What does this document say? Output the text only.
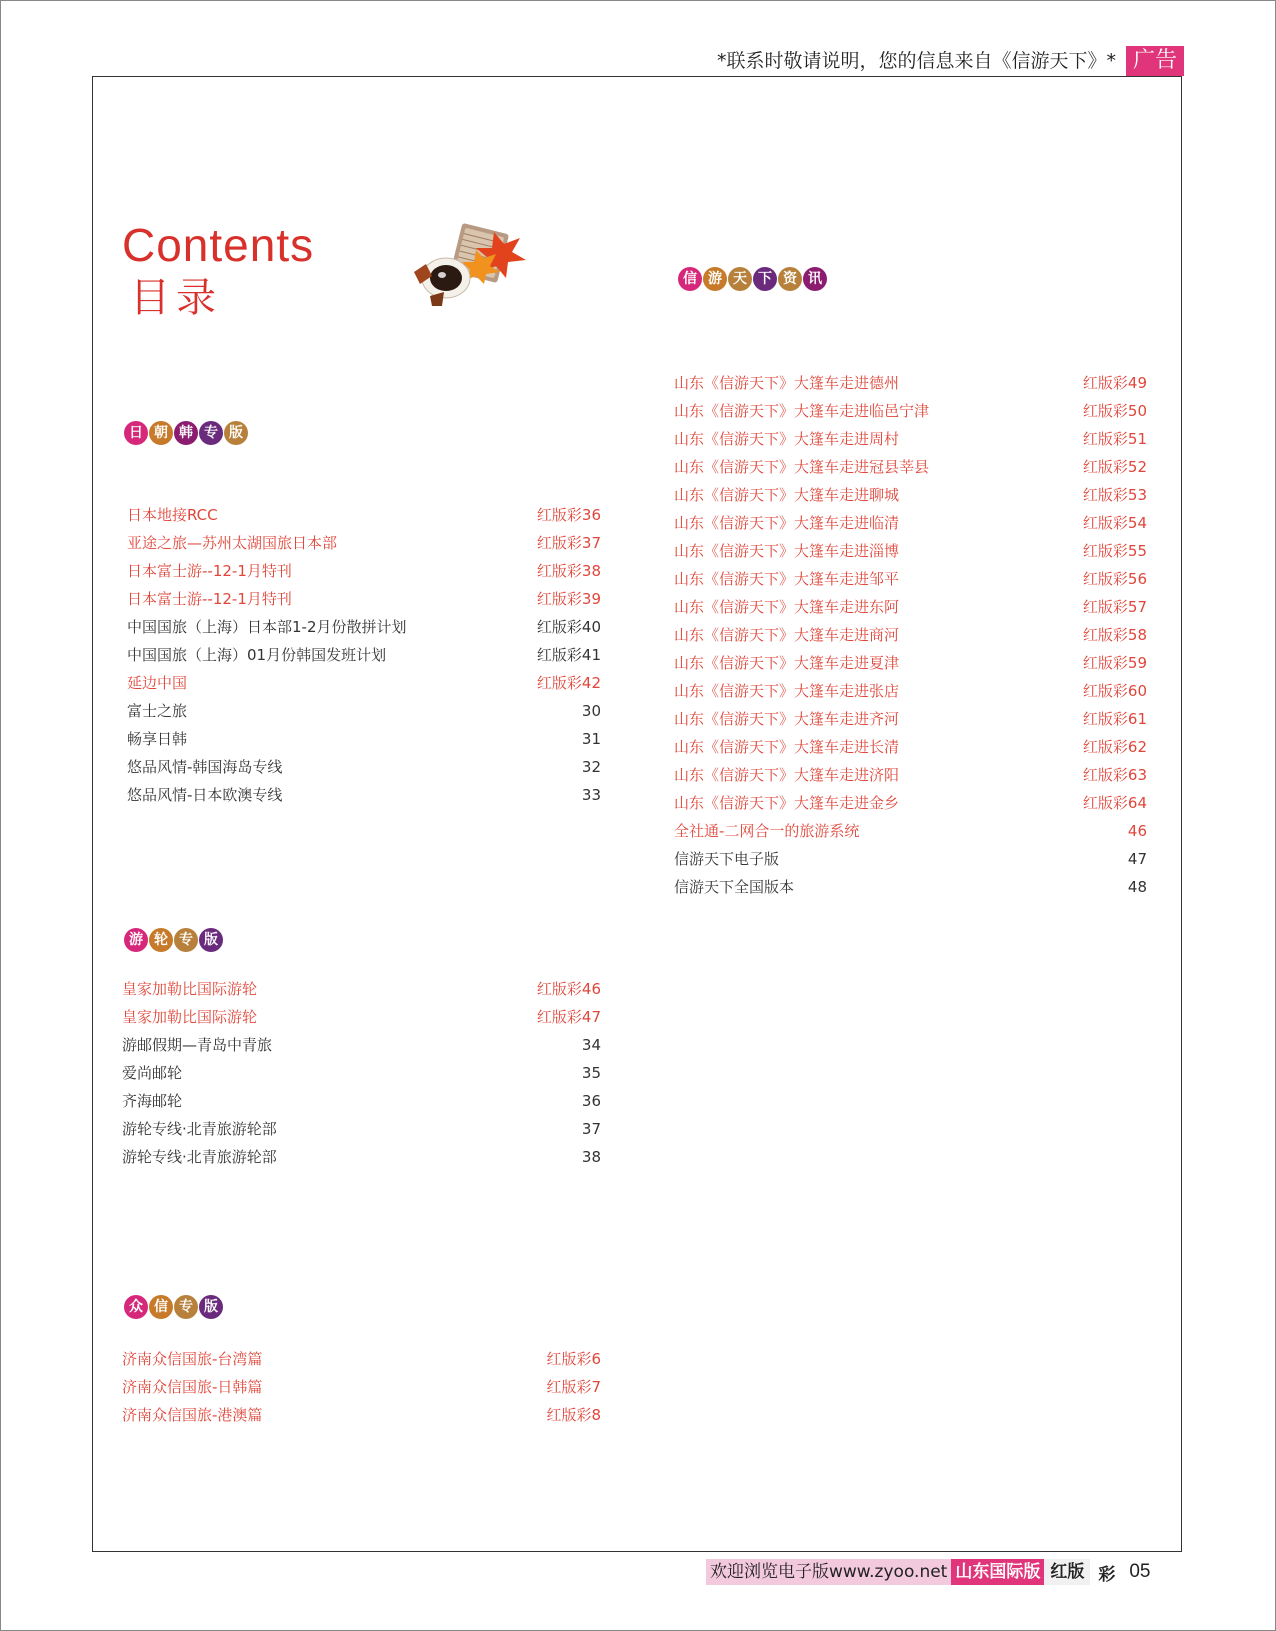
*联系时敬请说明，您的信息来自《信游天下》* 广告
Contents
目录
日 朝 韩 专 版
日本地接RCC	红版彩36
亚途之旅—苏州太湖国旅日本部	红版彩37
日本富士游--12-1月特刊	红版彩38
日本富士游--12-1月特刊	红版彩39
中国国旅（上海）日本部1-2月份散拼计划	红版彩40
中国国旅（上海）01月份韩国发班计划	红版彩41
延边中国	红版彩42
富士之旅	30
畅享日韩	31
悠品风情-韩国海岛专线	32
悠品风情-日本欧澳专线	33
游 轮 专 版
皇家加勒比国际游轮	红版彩46
皇家加勒比国际游轮	红版彩47
游邮假期—青岛中青旅	34
爱尚邮轮	35
齐海邮轮	36
游轮专线·北青旅游轮部	37
游轮专线·北青旅游轮部	38
众 信 专 版
济南众信国旅-台湾篇	红版彩6
济南众信国旅-日韩篇	红版彩7
济南众信国旅-港澳篇	红版彩8
信 游 天 下 资 讯
山东《信游天下》大篷车走进德州	红版彩49
山东《信游天下》大篷车走进临邑宁津	红版彩50
山东《信游天下》大篷车走进周村	红版彩51
山东《信游天下》大篷车走进冠县莘县	红版彩52
山东《信游天下》大篷车走进聊城	红版彩53
山东《信游天下》大篷车走进临清	红版彩54
山东《信游天下》大篷车走进淄博	红版彩55
山东《信游天下》大篷车走进邹平	红版彩56
山东《信游天下》大篷车走进东阿	红版彩57
山东《信游天下》大篷车走进商河	红版彩58
山东《信游天下》大篷车走进夏津	红版彩59
山东《信游天下》大篷车走进张店	红版彩60
山东《信游天下》大篷车走进齐河	红版彩61
山东《信游天下》大篷车走进长清	红版彩62
山东《信游天下》大篷车走进济阳	红版彩63
山东《信游天下》大篷车走进金乡	红版彩64
全社通-二网合一的旅游系统	46
信游天下电子版	47
信游天下全国版本	48
欢迎浏览电子版www.zyoo.net 山东国际版 红版 彩 05
